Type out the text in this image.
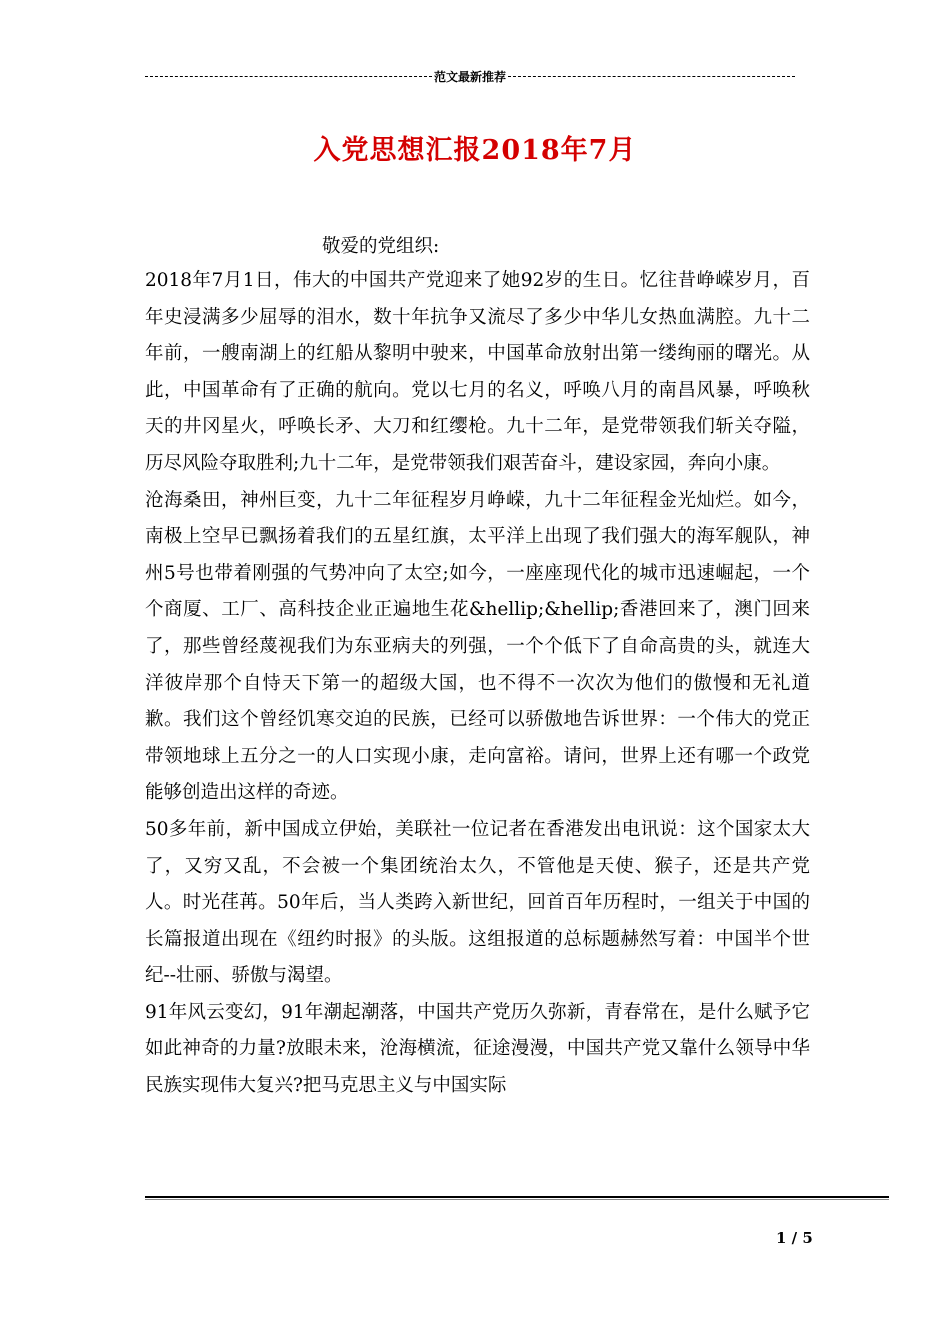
范文最新推荐
入党思想汇报2018年7月
敬爱的党组织:

2018年7月1日，伟大的中国共产党迎来了她92岁的生日。忆往昔峥嵘岁月，百年史浸满多少屈辱的泪水，数十年抗争又流尽了多少中华儿女热血满腔。九十二年前，一艘南湖上的红船从黎明中驶来，中国革命放射出第一缕绚丽的曙光。从此，中国革命有了正确的航向。党以七月的名义，呼唤八月的南昌风暴，呼唤秋天的井冈星火，呼唤长矛、大刀和红缨枪。九十二年，是党带领我们斩关夺隘，历尽风险夺取胜利;九十二年，是党带领我们艰苦奋斗，建设家园，奔向小康。

沧海桑田，神州巨变，九十二年征程岁月峥嵘，九十二年征程金光灿烂。如今，南极上空早已飘扬着我们的五星红旗，太平洋上出现了我们强大的海军舰队，神州5号也带着刚强的气势冲向了太空;如今，一座座现代化的城市迅速崛起，一个个商厦、工厂、高科技企业正遍地生花&hellip;&hellip;香港回来了，澳门回来了，那些曾经蔑视我们为东亚病夫的列强，一个个低下了自命高贵的头，就连大洋彼岸那个自恃天下第一的超级大国，也不得不一次次为他们的傲慢和无礼道歉。我们这个曾经饥寒交迫的民族，已经可以骄傲地告诉世界：一个伟大的党正带领地球上五分之一的人口实现小康，走向富裕。请问，世界上还有哪一个政党能够创造出这样的奇迹。

50多年前，新中国成立伊始，美联社一位记者在香港发出电讯说：这个国家太大了，又穷又乱，不会被一个集团统治太久，不管他是天使、猴子，还是共产党人。时光荏苒。50年后，当人类跨入新世纪，回首百年历程时，一组关于中国的长篇报道出现在《纽约时报》的头版。这组报道的总标题赫然写着：中国半个世纪--壮丽、骄傲与渴望。

91年风云变幻，91年潮起潮落，中国共产党历久弥新，青春常在，是什么赋予它如此神奇的力量?放眼未来，沧海横流，征途漫漫，中国共产党又靠什么领导中华民族实现伟大复兴?把马克思主义与中国实际

1 / 5
